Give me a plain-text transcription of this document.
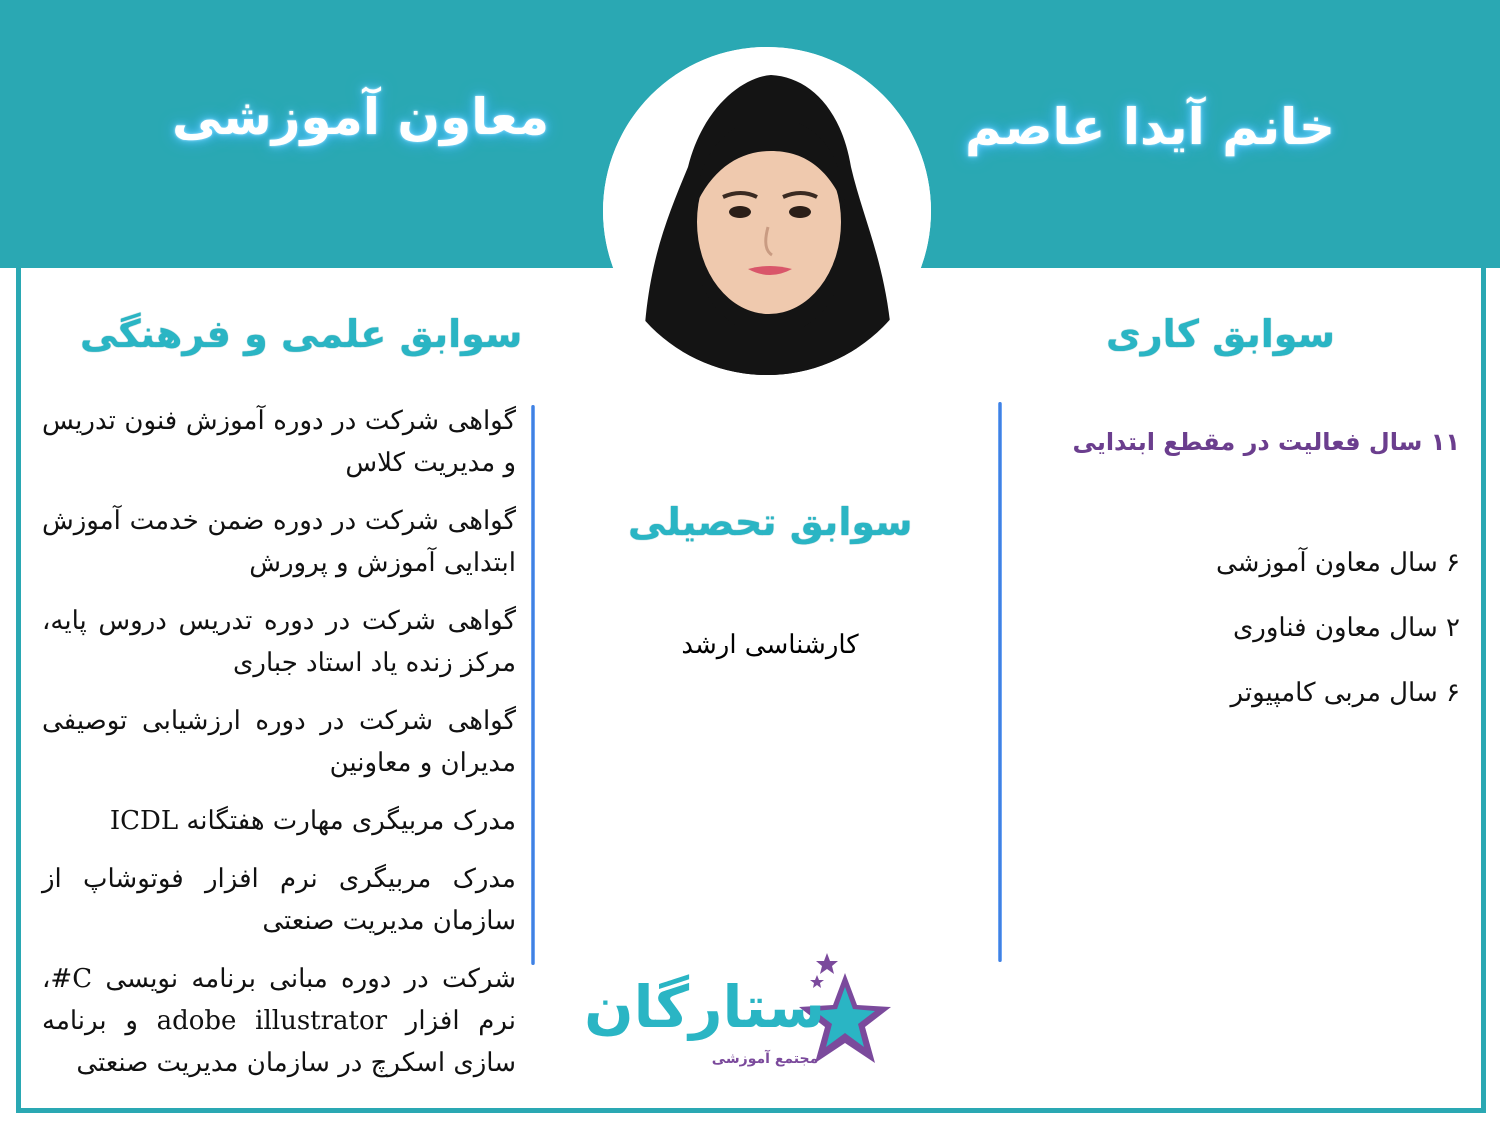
خانم آیدا عاصم
معاون آموزشی
سوابق کاری
سوابق علمی و فرهنگی
سوابق تحصیلی
۱۱ سال فعالیت در مقطع ابتدایی
۶ سال معاون آموزشی
۲ سال معاون فناوری
۶ سال مربی کامپیوتر
کارشناسی ارشد

گواهی شرکت در دوره آموزش فنون تدریس و مدیریت کلاس

گواهی شرکت در دوره ضمن خدمت آموزش ابتدایی آموزش و پرورش

گواهی شرکت در دوره تدریس دروس پایه، مرکز زنده یاد استاد جباری

گواهی شرکت در دوره ارزشیابی توصیفی مدیران و معاونین

مدرک مربیگری مهارت هفتگانه ICDL

مدرک مربیگری نرم افزار فوتوشاپ از سازمان مدیریت صنعتی

شرکت در دوره مبانی برنامه نویسی C#، نرم افزار adobe illustrator و برنامه سازی اسکرچ در سازمان مدیریت صنعتی

ستارگان
مجتمع آموزشی
